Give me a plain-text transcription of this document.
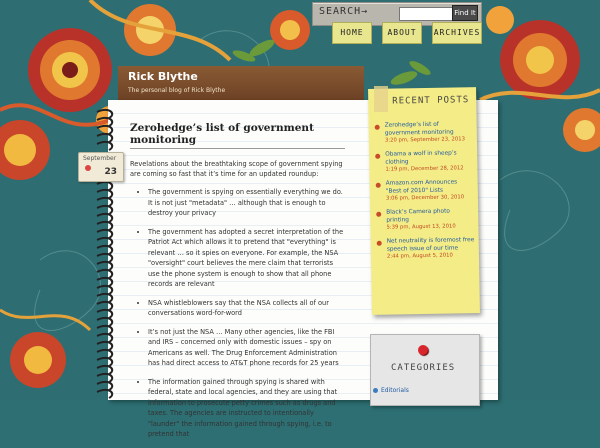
SEARCH→	Find It
HOME	ABOUT	ARCHIVES
Rick Blythe
The personal blog of Rick Blythe
September
23
Zerohedge’s list of government monitoring

Revelations about the breathtaking scope of government spying are coming so fast that it’s time for an updated roundup:

• The government is spying on essentially everything we do. It is not just "metadata" … although that is enough to destroy your privacy
• The government has adopted a secret interpretation of the Patriot Act which allows it to pretend that "everything" is relevant … so it spies on everyone. For example, the NSA "oversight" court believes the mere claim that terrorists use the phone system is enough to show that all phone records are relevant
• NSA whistleblowers say that the NSA collects all of our conversations word-for-word
• It’s not just the NSA … Many other agencies, like the FBI and IRS – concerned only with domestic issues – spy on Americans as well. The Drug Enforcement Administration has had direct access to AT&T phone records for 25 years
• The information gained through spying is shared with federal, state and local agencies, and they are using that information to prosecute petty crimes such as drugs and taxes. The agencies are instructed to intentionally "launder" the information gained through spying, i.e. to pretend that
RECENT POSTS
Zerohedge’s list of government monitoring
3:20 pm, September 23, 2013
Obama a wolf in sheep’s clothing
1:19 pm, December 28, 2012
Amazon.com Announces "Best of 2010" Lists
3:06 pm, December 30, 2010
Black’s Camera photo printing
5:39 pm, August 13, 2010
Net neutrality is foremost free speech issue of our time
2:44 pm, August 5, 2010
CATEGORIES
Editorials
